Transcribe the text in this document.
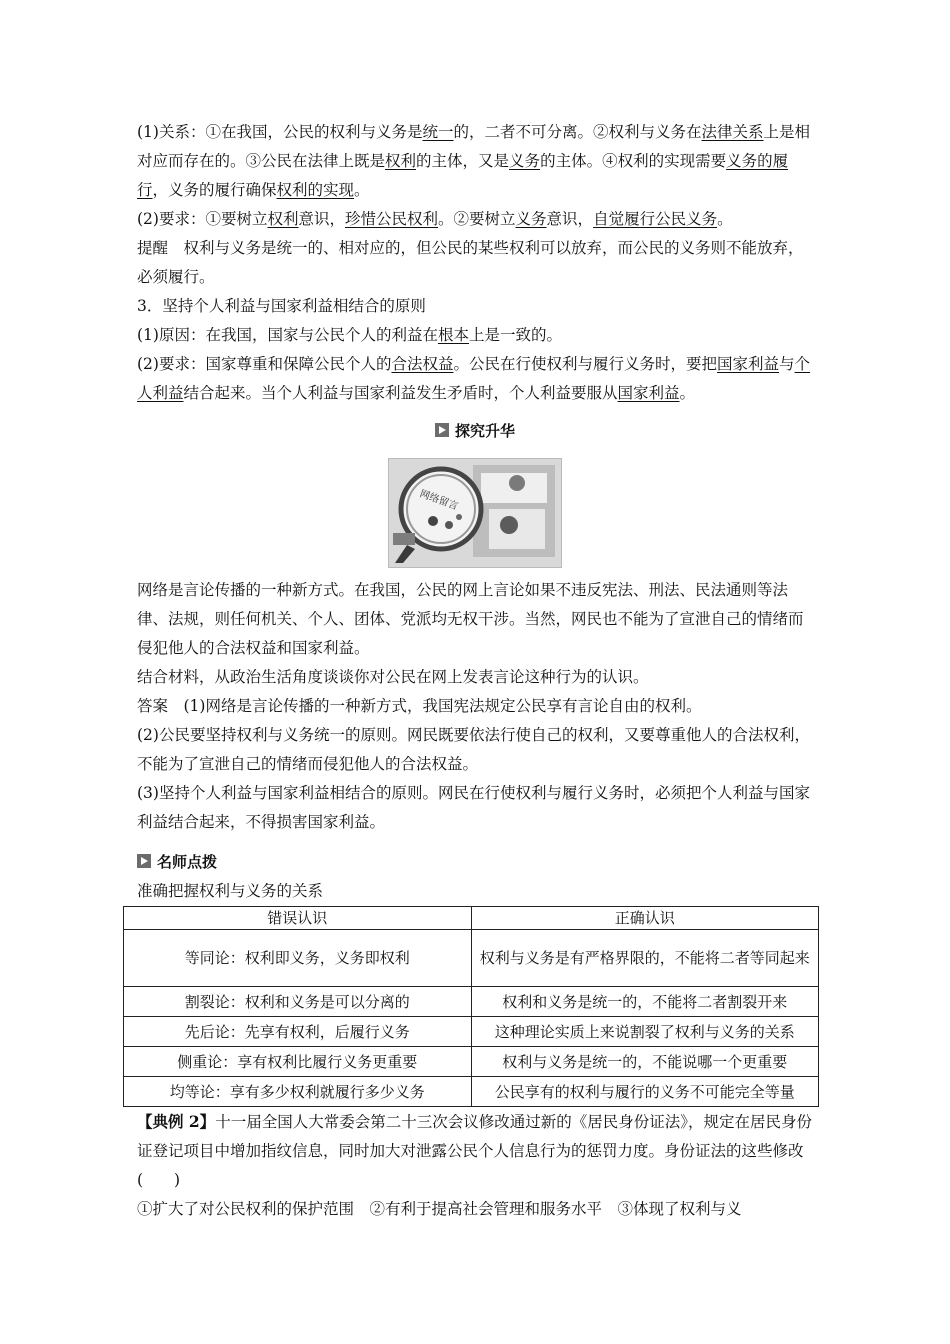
(1)关系：①在我国，公民的权利与义务是统一的，二者不可分离。②权利与义务在法律关系上是相对应而存在的。③公民在法律上既是权利的主体，又是义务的主体。④权利的实现需要义务的履行，义务的履行确保权利的实现。

(2)要求：①要树立权利意识，珍惜公民权利。②要树立义务意识，自觉履行公民义务。

提醒　权利与义务是统一的、相对应的，但公民的某些权利可以放弃，而公民的义务则不能放弃，必须履行。

3．坚持个人利益与国家利益相结合的原则

(1)原因：在我国，国家与公民个人的利益在根本上是一致的。

(2)要求：国家尊重和保障公民个人的合法权益。公民在行使权利与履行义务时，要把国家利益与个人利益结合起来。当个人利益与国家利益发生矛盾时，个人利益要服从国家利益。

探究升华
网络留言

网络是言论传播的一种新方式。在我国，公民的网上言论如果不违反宪法、刑法、民法通则等法律、法规，则任何机关、个人、团体、党派均无权干涉。当然，网民也不能为了宣泄自己的情绪而侵犯他人的合法权益和国家利益。

结合材料，从政治生活角度谈谈你对公民在网上发表言论这种行为的认识。

答案　(1)网络是言论传播的一种新方式，我国宪法规定公民享有言论自由的权利。

(2)公民要坚持权利与义务统一的原则。网民既要依法行使自己的权利，又要尊重他人的合法权利，不能为了宣泄自己的情绪而侵犯他人的合法权益。

(3)坚持个人利益与国家利益相结合的原则。网民在行使权利与履行义务时，必须把个人利益与国家利益结合起来，不得损害国家利益。

名师点拨

准确把握权利与义务的关系

错误认识	正确认识
等同论：权利即义务，义务即权利	权利与义务是有严格界限的，不能将二者等同起来
割裂论：权利和义务是可以分离的	权利和义务是统一的，不能将二者割裂开来
先后论：先享有权利，后履行义务	这种理论实质上来说割裂了权利与义务的关系
侧重论：享有权利比履行义务更重要	权利与义务是统一的，不能说哪一个更重要
均等论：享有多少权利就履行多少义务	公民享有的权利与履行的义务不可能完全等量

【典例 2】十一届全国人大常委会第二十三次会议修改通过新的《居民身份证法》，规定在居民身份证登记项目中增加指纹信息，同时加大对泄露公民个人信息行为的惩罚力度。身份证法的这些修改(　　)

①扩大了对公民权利的保护范围　②有利于提高社会管理和服务水平　③体现了权利与义
